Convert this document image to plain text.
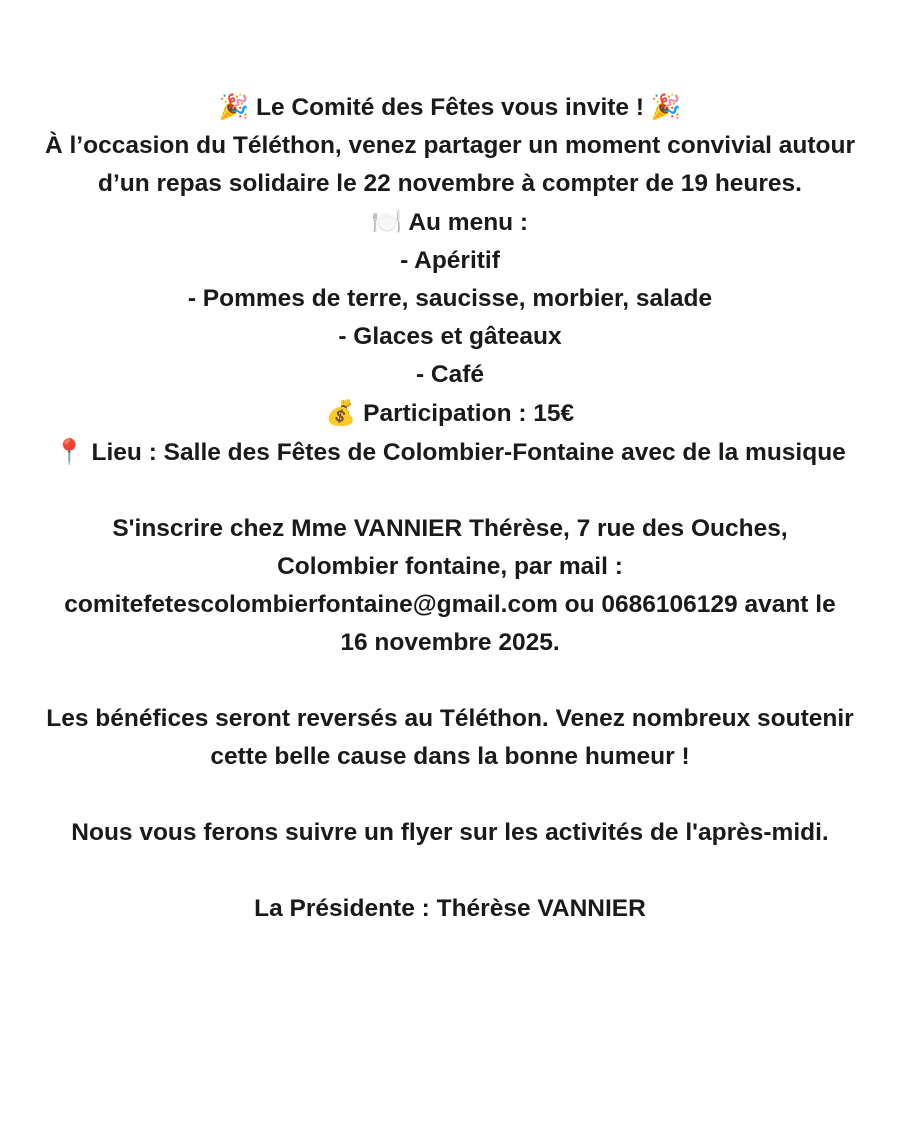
🎉 Le Comité des Fêtes vous invite ! 🎉
À l’occasion du Téléthon, venez partager un moment convivial autour d’un repas solidaire le 22 novembre à compter de 19 heures.
🍽️ Au menu :
- Apéritif
- Pommes de terre, saucisse, morbier, salade
- Glaces et gâteaux
- Café
💰 Participation : 15€
📍 Lieu : Salle des Fêtes de Colombier-Fontaine avec de la musique
S'inscrire chez Mme VANNIER Thérèse, 7 rue des Ouches, Colombier fontaine, par mail : comitefetescolombierfontaine@gmail.com ou 0686106129 avant le 16 novembre 2025.
Les bénéfices seront reversés au Téléthon. Venez nombreux soutenir cette belle cause dans la bonne humeur !
Nous vous ferons suivre un flyer sur les activités de l'après-midi.
La Présidente : Thérèse VANNIER
